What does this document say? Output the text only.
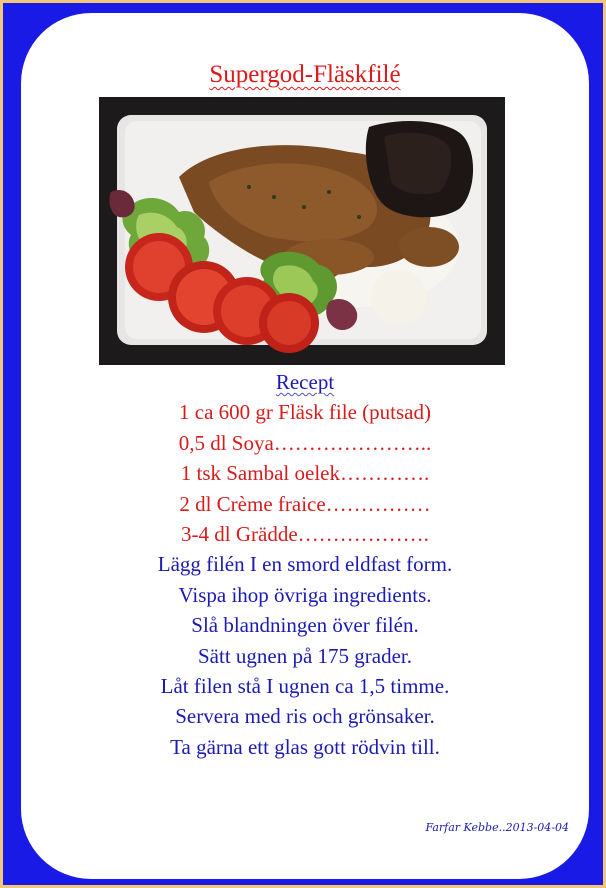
Supergod-Fläskfilé
Recept
1 ca 600 gr Fläsk file (putsad)
0,5 dl Soya…………………..
1 tsk Sambal oelek………….
2 dl Crème fraice……………
3-4 dl Grädde……………….
Lägg filén I en smord eldfast form.
Vispa ihop övriga ingredients.
Slå blandningen över filén.
Sätt ugnen på 175 grader.
Låt filen stå I ugnen ca 1,5 timme.
Servera med ris och grönsaker.
Ta gärna ett glas gott rödvin till.
Farfar Kebbe..2013-04-04
